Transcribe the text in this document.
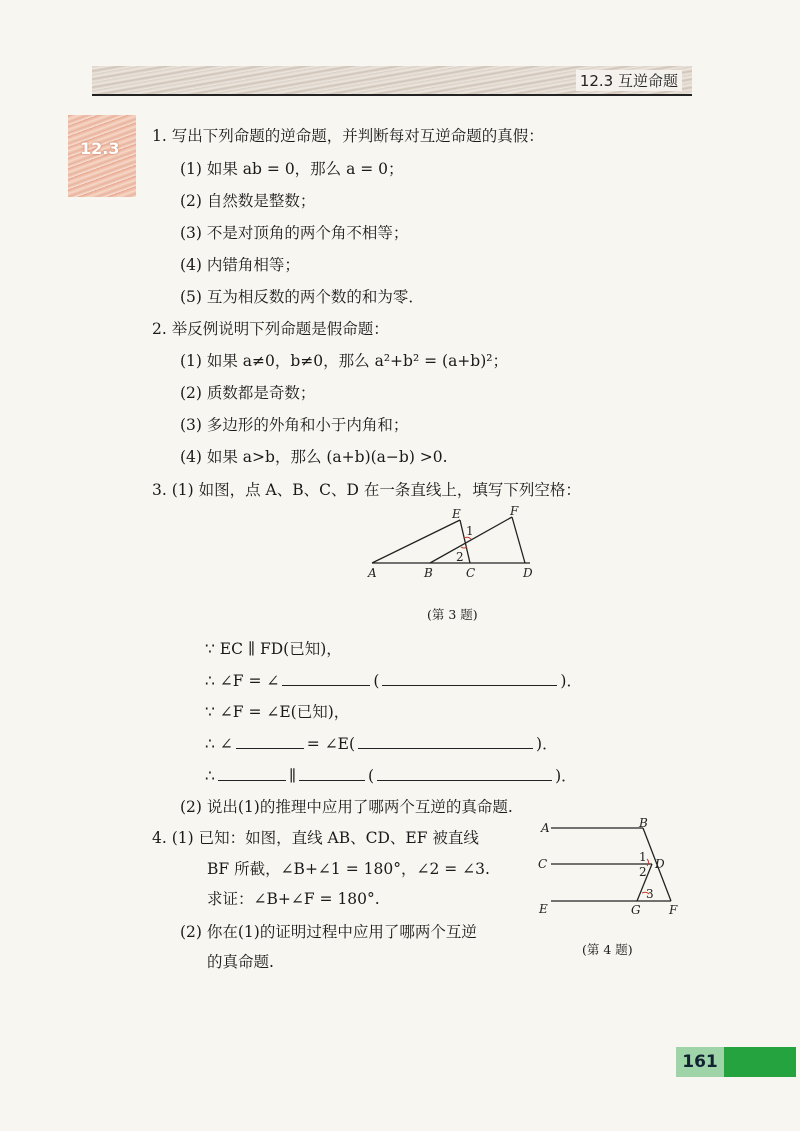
12.3 互逆命题
12.3
1. 写出下列命题的逆命题，并判断每对互逆命题的真假：
(1) 如果 ab = 0，那么 a = 0；
(2) 自然数是整数；
(3) 不是对顶角的两个角不相等；
(4) 内错角相等；
(5) 互为相反数的两个数的和为零．
2. 举反例说明下列命题是假命题：
(1) 如果 a≠0，b≠0，那么 a²+b² = (a+b)²；
(2) 质数都是奇数；
(3) 多边形的外角和小于内角和；
(4) 如果 a>b，那么 (a+b)(a−b) >0.
3. (1) 如图，点 A、B、C、D 在一条直线上，填写下列空格：
A	B	C	D
E	F
1
2
(第 3 题)
∵ EC ∥ FD(已知)，
∴ ∠F = ∠	(	)．
∵ ∠F = ∠E(已知)，
∴ ∠	= ∠E(	)．
∴	∥	(	)．
(2) 说出(1)的推理中应用了哪两个互逆的真命题.
4. (1) 已知：如图，直线 AB、CD、EF 被直线
BF 所截，∠B+∠1 = 180°，∠2 = ∠3.
求证：∠B+∠F = 180°.
(2) 你在(1)的证明过程中应用了哪两个互逆
的真命题.
A	B
C	D
E	G F
1
2
3
(第 4 题)
161
